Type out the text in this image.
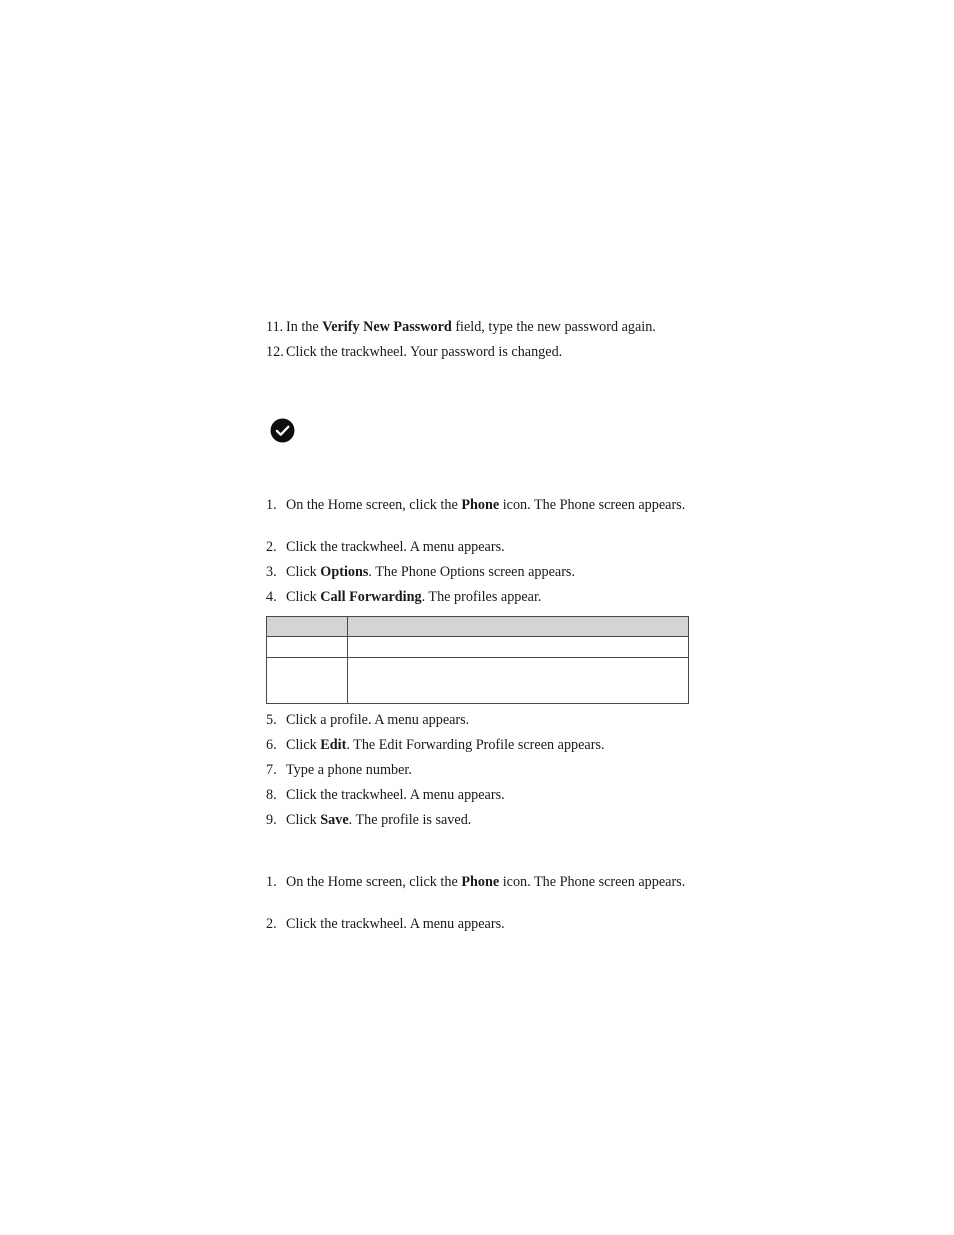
11. In the Verify New Password field, type the new password again.
12. Click the trackwheel. Your password is changed.
1. On the Home screen, click the Phone icon. The Phone screen appears.
2. Click the trackwheel. A menu appears.
3. Click Options. The Phone Options screen appears.
4. Click Call Forwarding. The profiles appear.

5. Click a profile. A menu appears.
6. Click Edit. The Edit Forwarding Profile screen appears.
7. Type a phone number.
8. Click the trackwheel. A menu appears.
9. Click Save. The profile is saved.
1. On the Home screen, click the Phone icon. The Phone screen appears.
2. Click the trackwheel. A menu appears.
